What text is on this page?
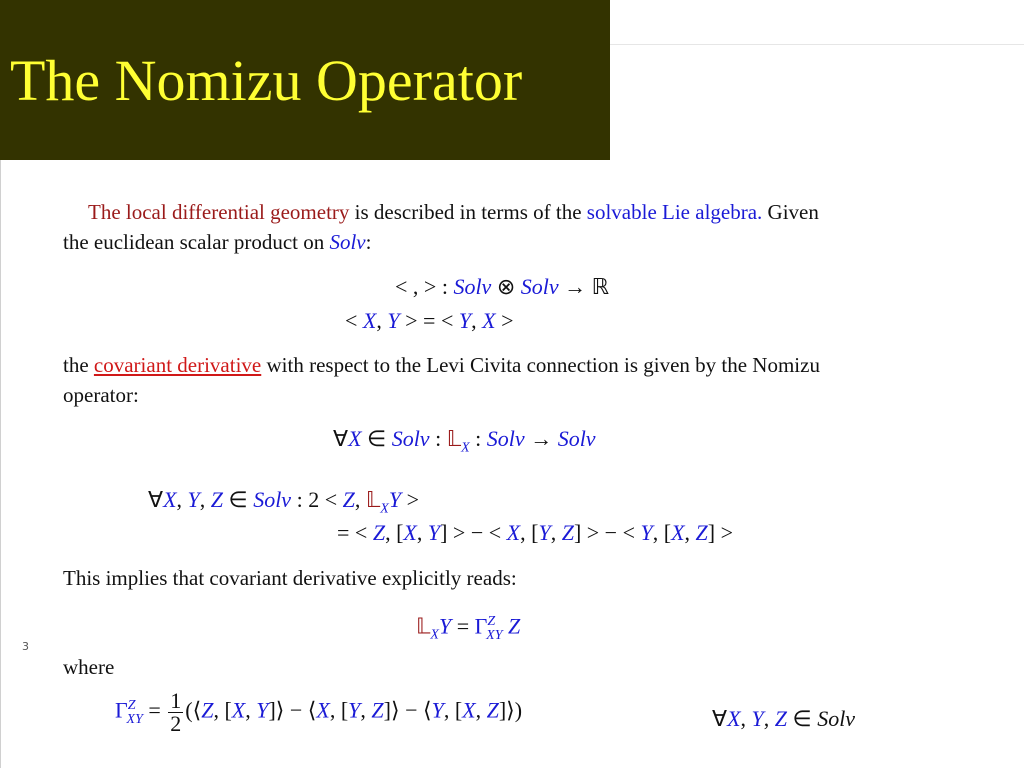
The Nomizu Operator
3
The local differential geometry is described in terms of the solvable Lie algebra. Given
the euclidean scalar product on Solv:
< , > : Solv ⊗ Solv → ℝ
< X, Y > = < Y, X >
the covariant derivative with respect to the Levi Civita connection is given by the Nomizu
operator:
∀X ∈ Solv : 𝕃$_X$ : Solv → Solv
∀X, Y, Z ∈ Solv : 2 < Z, 𝕃$_X$Y >
= < Z, [X, Y] > − < X, [Y, Z] > − < Y, [X, Z] >
This implies that covariant derivative explicitly reads:
𝕃$_X$Y = $\Gamma^Z_{XY}$ Z
where
$\Gamma^Z_{XY} = \frac{1}{2}$ (⟨Z, [X, Y]⟩ − ⟨X, [Y, Z]⟩ − ⟨Y, [X, Z]⟩)	∀X, Y, Z ∈ Solv
